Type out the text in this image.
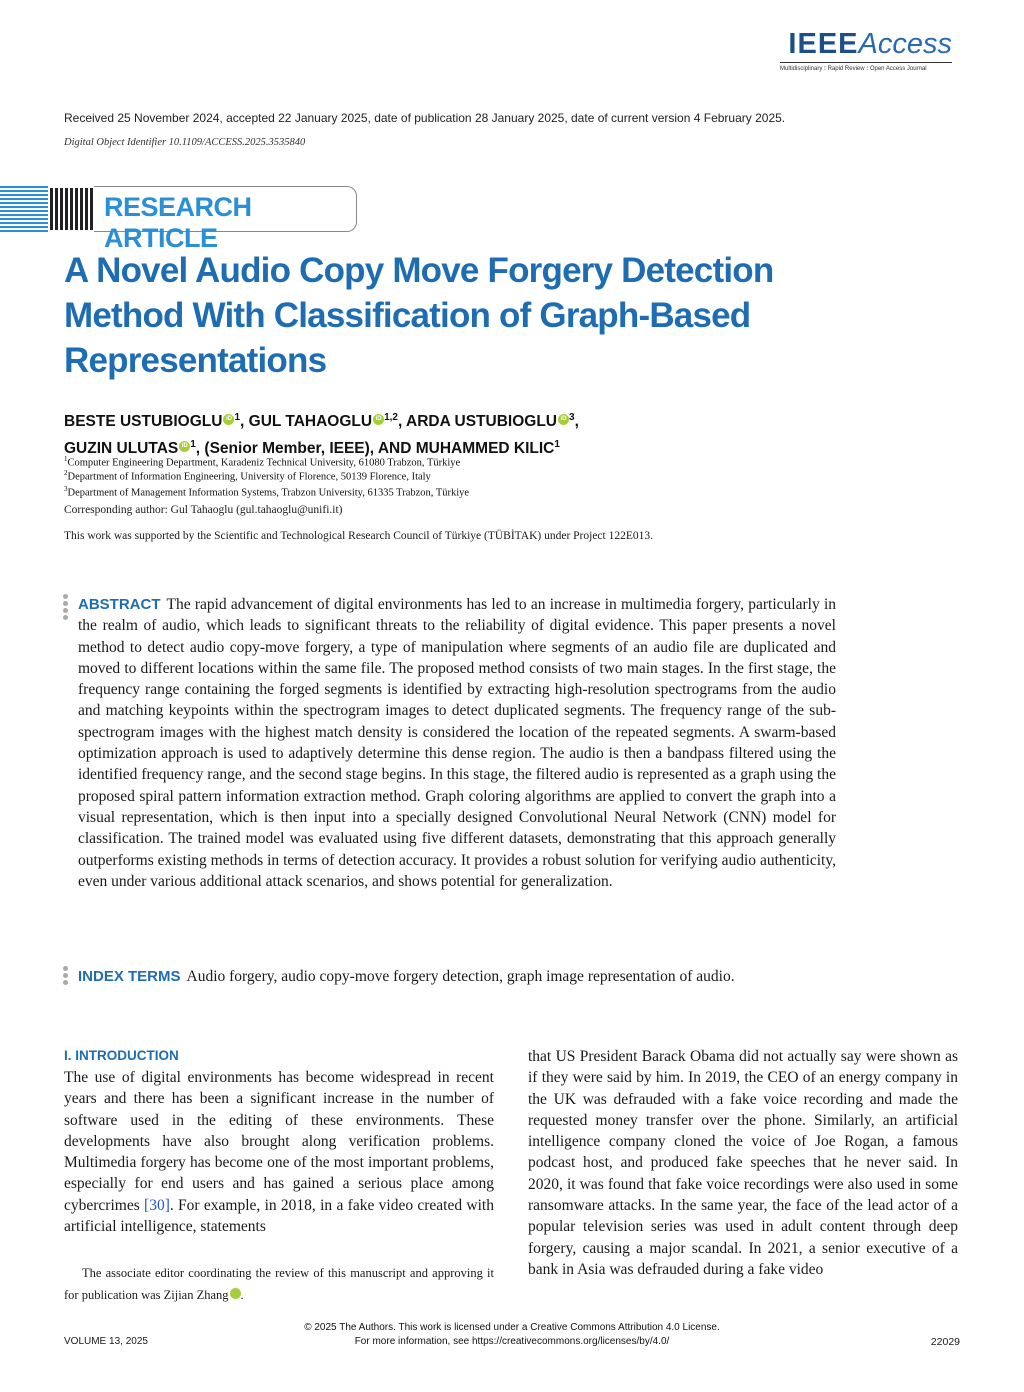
IEEEAccess
Multidisciplinary ⁝ Rapid Review ⁝ Open Access Journal
Received 25 November 2024, accepted 22 January 2025, date of publication 28 January 2025, date of current version 4 February 2025.
Digital Object Identifier 10.1109/ACCESS.2025.3535840
RESEARCH ARTICLE
A Novel Audio Copy Move Forgery Detection Method With Classification of Graph-Based Representations
BESTE USTUBIOGLU iD $^1$, GUL TAHAOGLU iD $^{1,2}$, ARDA USTUBIOGLU iD $^3$,
GUZIN ULUTAS iD $^1$, (Senior Member, IEEE), AND MUHAMMED KILIC$^1$
$^1$Computer Engineering Department, Karadeniz Technical University, 61080 Trabzon, Türkiye
$^2$Department of Information Engineering, University of Florence, 50139 Florence, Italy
$^3$Department of Management Information Systems, Trabzon University, 61335 Trabzon, Türkiye
Corresponding author: Gul Tahaoglu (gul.tahaoglu@unifi.it)
This work was supported by the Scientific and Technological Research Council of Türkiye (TÜBİTAK) under Project 122E013.
ABSTRACT The rapid advancement of digital environments has led to an increase in multimedia forgery, particularly in the realm of audio, which leads to significant threats to the reliability of digital evidence. This paper presents a novel method to detect audio copy-move forgery, a type of manipulation where segments of an audio file are duplicated and moved to different locations within the same file. The proposed method consists of two main stages. In the first stage, the frequency range containing the forged segments is identified by extracting high-resolution spectrograms from the audio and matching keypoints within the spectrogram images to detect duplicated segments. The frequency range of the sub-spectrogram images with the highest match density is considered the location of the repeated segments. A swarm-based optimization approach is used to adaptively determine this dense region. The audio is then a bandpass filtered using the identified frequency range, and the second stage begins. In this stage, the filtered audio is represented as a graph using the proposed spiral pattern information extraction method. Graph coloring algorithms are applied to convert the graph into a visual representation, which is then input into a specially designed Convolutional Neural Network (CNN) model for classification. The trained model was evaluated using five different datasets, demonstrating that this approach generally outperforms existing methods in terms of detection accuracy. It provides a robust solution for verifying audio authenticity, even under various additional attack scenarios, and shows potential for generalization.
INDEX TERMS Audio forgery, audio copy-move forgery detection, graph image representation of audio.
I. INTRODUCTION
The use of digital environments has become widespread in recent years and there has been a significant increase in the number of software used in the editing of these environments. These developments have also brought along verification problems. Multimedia forgery has become one of the most important problems, especially for end users and has gained a serious place among cybercrimes [30]. For example, in 2018, in a fake video created with artificial intelligence, statements
that US President Barack Obama did not actually say were shown as if they were said by him. In 2019, the CEO of an energy company in the UK was defrauded with a fake voice recording and made the requested money transfer over the phone. Similarly, an artificial intelligence company cloned the voice of Joe Rogan, a famous podcast host, and produced fake speeches that he never said. In 2020, it was found that fake voice recordings were also used in some ransomware attacks. In the same year, the face of the lead actor of a popular television series was used in adult content through deep forgery, causing a major scandal. In 2021, a senior executive of a bank in Asia was defrauded during a fake video
The associate editor coordinating the review of this manuscript and approving it for publication was Zijian Zhang	iD.
© 2025 The Authors. This work is licensed under a Creative Commons Attribution 4.0 License.
For more information, see https://creativecommons.org/licenses/by/4.0/
VOLUME 13, 2025	22029
